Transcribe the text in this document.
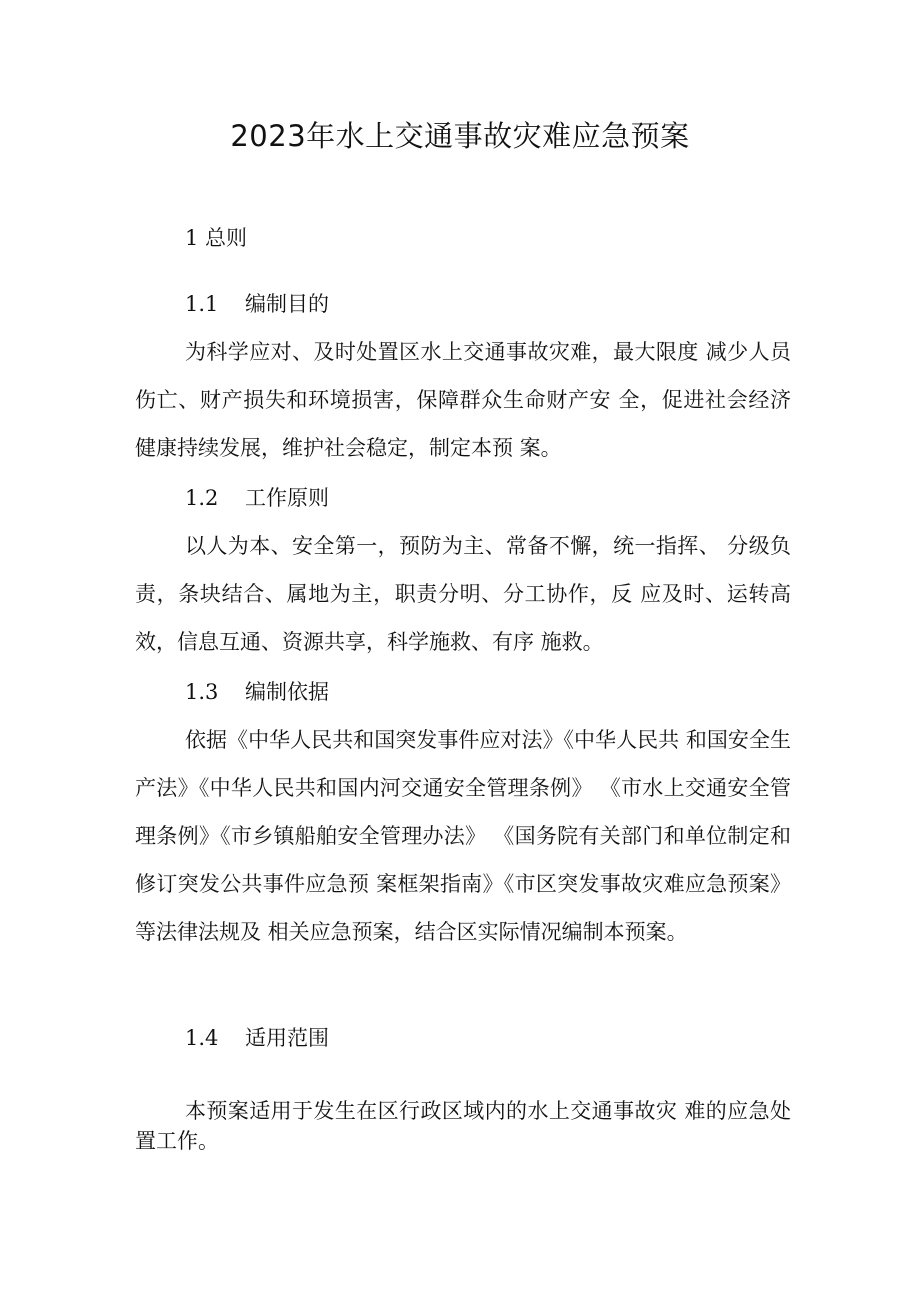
2023年水上交通事故灾难应急预案
1 总则
1.1 编制目的

为科学应对、及时处置区水上交通事故灾难，最大限度 减少人员伤亡、财产损失和环境损害，保障群众生命财产安 全，促进社会经济健康持续发展，维护社会稳定，制定本预 案。

1.2 工作原则

以人为本、安全第一，预防为主、常备不懈，统一指挥、 分级负责，条块结合、属地为主，职责分明、分工协作，反 应及时、运转高效，信息互通、资源共享，科学施救、有序 施救。

1.3 编制依据

依据《中华人民共和国突发事件应对法》《中华人民共 和国安全生产法》《中华人民共和国内河交通安全管理条例》 《市水上交通安全管理条例》《市乡镇船舶安全管理办法》 《国务院有关部门和单位制定和修订突发公共事件应急预 案框架指南》《市区突发事故灾难应急预案》等法律法规及 相关应急预案，结合区实际情况编制本预案。

1.4 适用范围

本预案适用于发生在区行政区域内的水上交通事故灾 难的应急处置工作。
